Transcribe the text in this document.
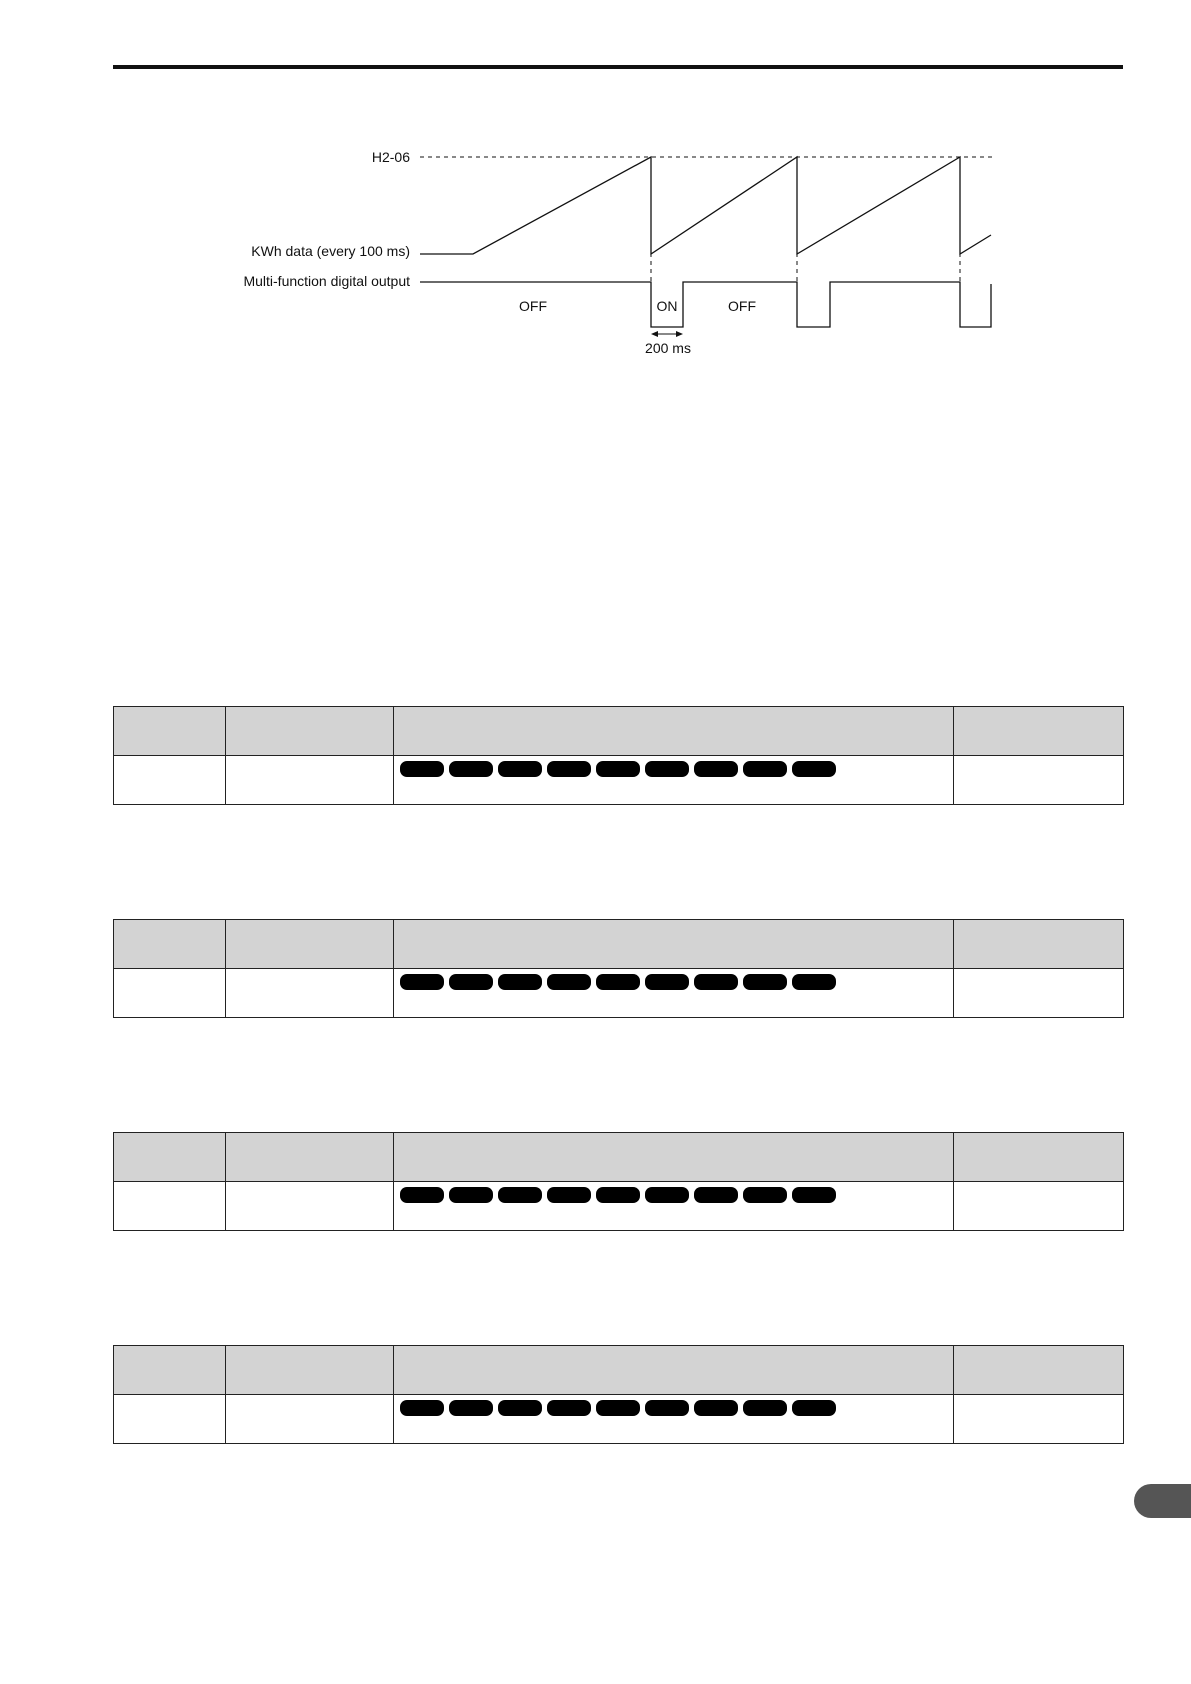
H2-06
KWh data (every 100 ms)
Multi-function digital output
OFF	ON	OFF
200 ms
